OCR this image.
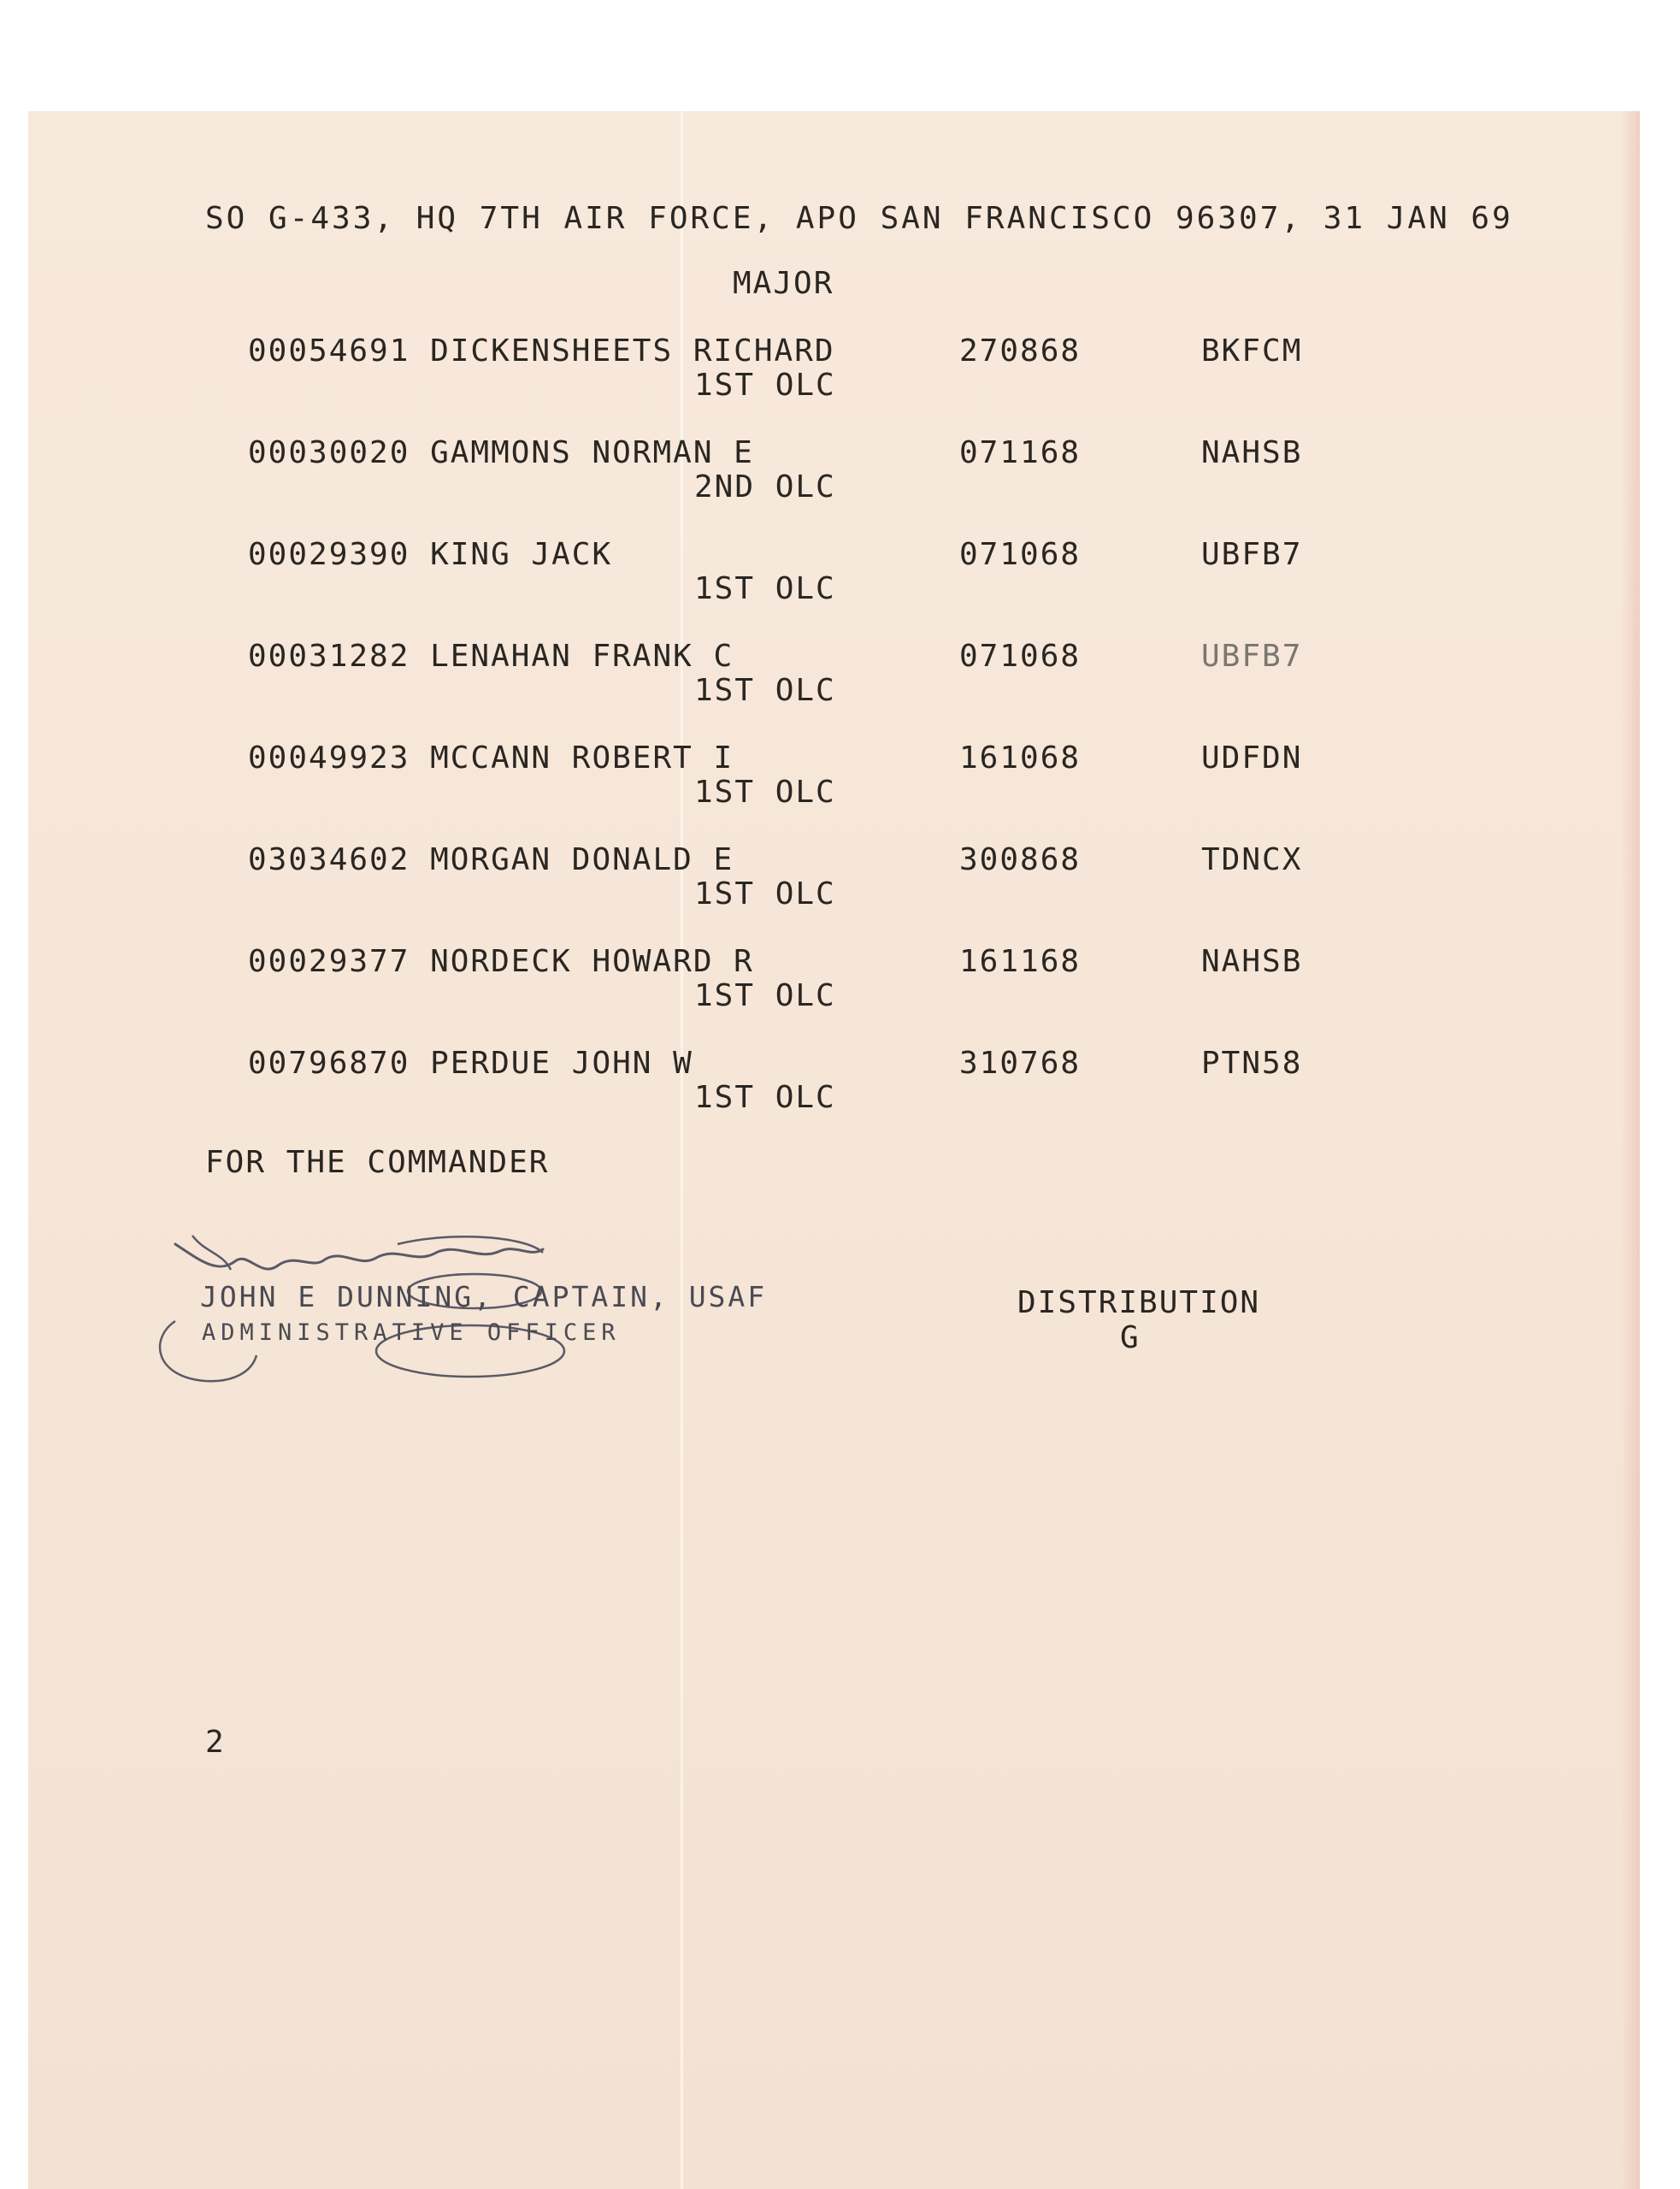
SO G-433, HQ 7TH AIR FORCE, APO SAN FRANCISCO 96307, 31 JAN 69
MAJOR
00054691 DICKENSHEETS RICHARD	270868	BKFCM
1ST OLC
00030020 GAMMONS NORMAN E	071168	NAHSB
2ND OLC
00029390 KING JACK	071068	UBFB7
1ST OLC
00031282 LENAHAN FRANK C	071068	UBFB7
1ST OLC
00049923 MCCANN ROBERT I	161068	UDFDN
1ST OLC
03034602 MORGAN DONALD E	300868	TDNCX
1ST OLC
00029377 NORDECK HOWARD R	161168	NAHSB
1ST OLC
00796870 PERDUE JOHN W	310768	PTN58
1ST OLC
FOR THE COMMANDER
JOHN E DUNNING, CAPTAIN, USAF
ADMINISTRATIVE OFFICER
DISTRIBUTION
G
2
